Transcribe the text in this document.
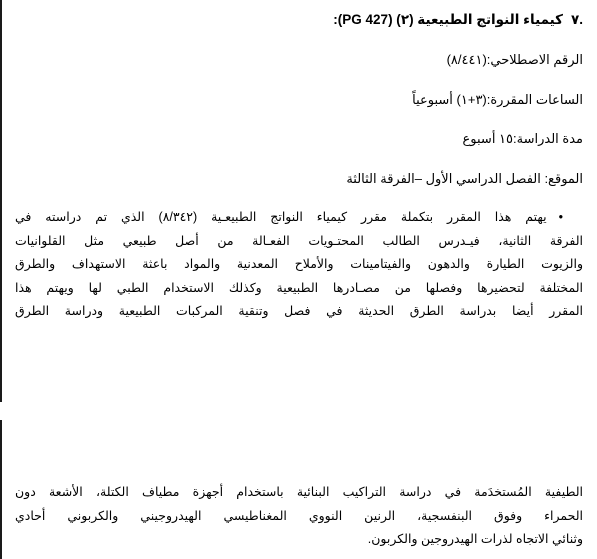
.٧
كيمياء النواتج الطبيعية (٢) (PG 427):
الرقم الاصطلاحي:(٨/٤٤١)
الساعات المقررة:(٣+١) أسبوعياً
مدة الدراسة:١٥ أسبوع
الموقع: الفصل الدراسي الأول –الفرقة الثالثة
•يهتم هذا المقرر بتكملة مقرر كيمياء النواتج الطبيعـية (٨/٣٤٢) الذي تم دراسته في
الفرقة الثانية، فيـدرس الطالب المحتـويات الفعـالة من أصل طبيعي مثل القلوانيات
والزيوت الطيارة والدهون والفيتامينات والأملاح المعدنية والمواد باعثة الاستهداف والطرق
المختلفة لتحضيرها وفصلها من مصـادرها الطبيعية وكذلك الاستخدام الطبي لها ويهتم هذا
المقرر أيضا بدراسة الطرق الحديثة في فصل وتنقية المركبات الطبيعية ودراسة الطرق
الطيفية المُستخدَمة في دراسة التراكيب البنائية باستخدام أجهزة مطياف الكتلة، الأشعة دون
الحمراء وفوق البنفسجية، الرنين النووي المغناطيسي الهيدروجيني والكربوني أحادي
وثنائي الاتجاه لذرات الهيدروجين والكربون.
